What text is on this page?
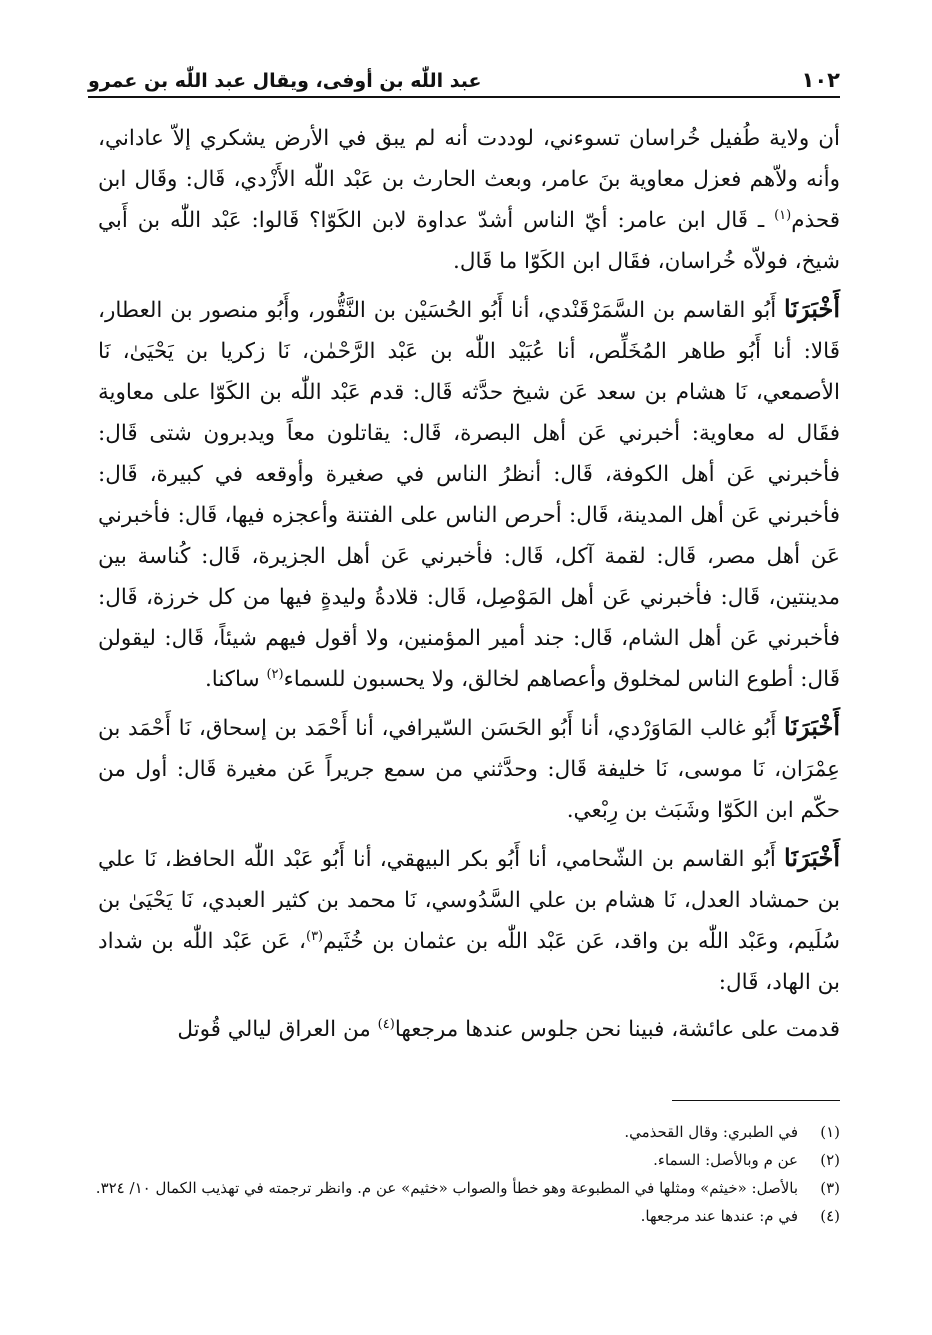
١٠٢
عبد اللّٰه بن أوفى، ويقال عبد اللّٰه بن عمرو

أن ولاية طُفيل خُراسان تسوءني، لوددت أنه لم يبق في الأرض يشكري إلاّ عاداني، وأنه ولاّهم فعزل معاوية بنَ عامر، وبعث الحارث بن عَبْد اللّٰه الأَزْدي، قَال: وقَال ابن قحذم$^{(١)}$ ـ قَال ابن عامر: أيّ الناس أشدّ عداوة لابن الكَوّا؟ قَالوا: عَبْد اللّٰه بن أَبي شيخ، فولاّه خُراسان، فقَال ابن الكَوّا ما قَال.

أَخْبَرَنَا أَبُو القاسم بن السَّمَرْقَنْدي، أنا أَبُو الحُسَيْن بن النَّقُّور، وأَبُو منصور بن العطار، قَالا: أنا أَبُو طاهر المُخَلِّص، أنا عُبَيْد اللّٰه بن عَبْد الرَّحْمٰن، نَا زكريا بن يَحْيَىٰ، نَا الأصمعي، نَا هشام بن سعد عَن شيخ حدَّثه قَال: قدم عَبْد اللّٰه بن الكَوّا على معاوية فقَال له معاوية: أخبرني عَن أهل البصرة، قَال: يقاتلون معاً ويدبرون شتى قَال: فأخبرني عَن أهل الكوفة، قَال: أنظرُ الناس في صغيرة وأوقعه في كبيرة، قَال: فأخبرني عَن أهل المدينة، قَال: أحرص الناس على الفتنة وأعجزه فيها، قَال: فأخبرني عَن أهل مصر، قَال: لقمة آكل، قَال: فأخبرني عَن أهل الجزيرة، قَال: كُناسة بين مدينتين، قَال: فأخبرني عَن أهل المَوْصِل، قَال: قلادةُ وليدةٍ فيها من كل خرزة، قَال: فأخبرني عَن أهل الشام، قَال: جند أمير المؤمنين، ولا أقول فيهم شيئاً، قَال: ليقولن قَال: أطوع الناس لمخلوق وأعصاهم لخالق، ولا يحسبون للسماء$^{(٢)}$ ساكنا.

أَخْبَرَنَا أَبُو غالب المَاوَرْدي، أنا أَبُو الحَسَن السّيرافي، أنا أَحْمَد بن إسحاق، نَا أَحْمَد بن عِمْرَان، نَا موسى، نَا خليفة قَال: وحدَّثني من سمع جريراً عَن مغيرة قَال: أول من حكّم ابن الكَوّا وشَبَث بن رِبْعي.

أَخْبَرَنَا أَبُو القاسم بن الشّحامي، أنا أَبُو بكر البيهقي، أنا أَبُو عَبْد اللّٰه الحافظ، نَا علي بن حمشاد العدل، نَا هشام بن علي السَّدُوسي، نَا محمد بن كثير العبدي، نَا يَحْيَىٰ بن سُلَيم، وعَبْد اللّٰه بن واقد، عَن عَبْد اللّٰه بن عثمان بن خُثَيم$^{(٣)}$، عَن عَبْد اللّٰه بن شداد بن الهاد، قَال:

قدمت على عائشة، فبينا نحن جلوس عندها مرجعها$^{(٤)}$ من العراق ليالي قُوتل

(١)
في الطبري: وقال القحذمي.
(٢)
عن م وبالأصل: السماء.
(٣)
بالأصل: «خيثم» ومثلها في المطبوعة وهو خطأ والصواب «خثيم» عن م. وانظر ترجمته في تهذيب الكمال ١٠/ ٣٢٤.
(٤)
في م: عندها عند مرجعها.
